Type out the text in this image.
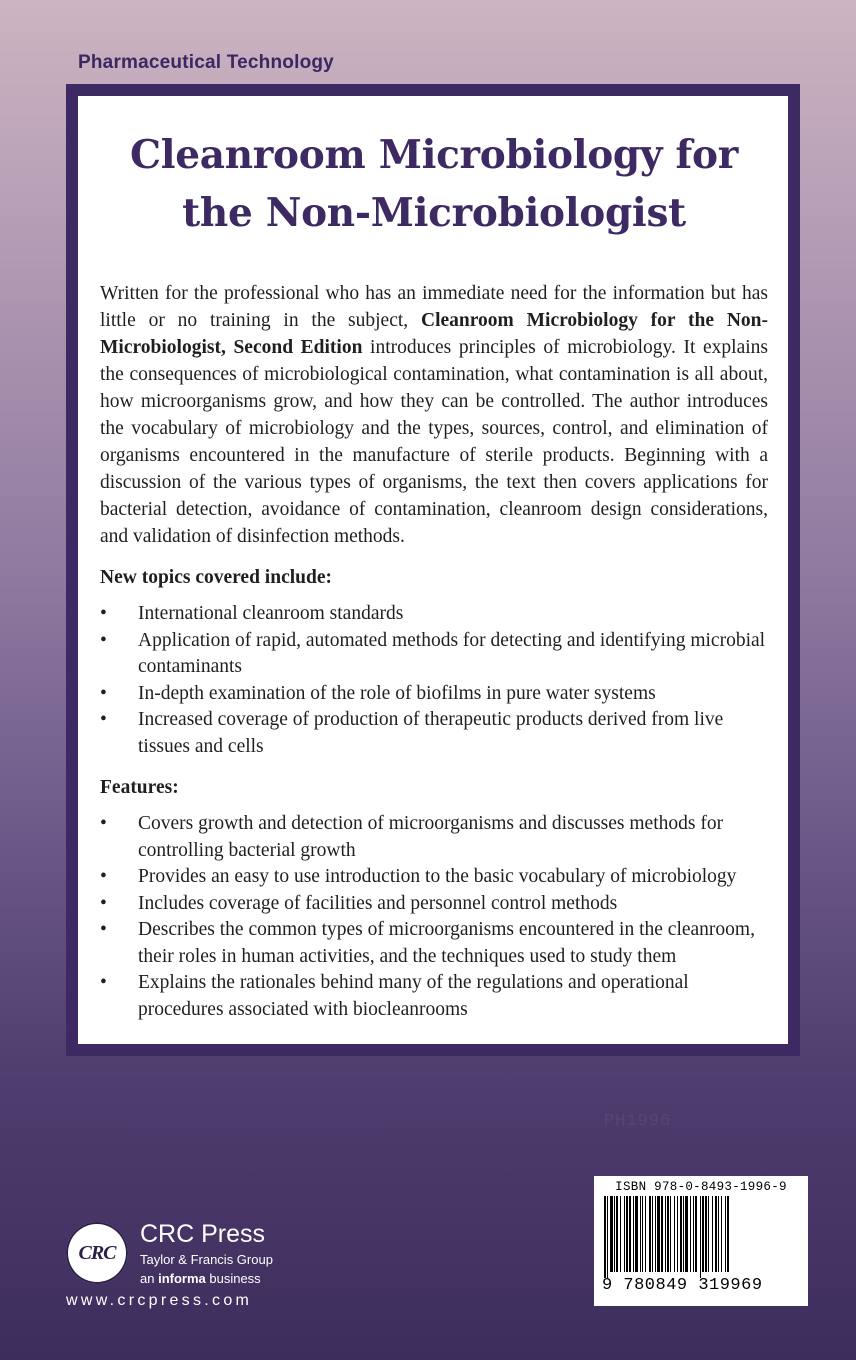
Pharmaceutical Technology
Cleanroom Microbiology for
the Non-Microbiologist

Written for the professional who has an immediate need for the information but has little or no training in the subject, Cleanroom Microbiology for the Non-Microbiologist, Second Edition introduces principles of microbiology. It explains the consequences of microbiological contamination, what contamination is all about, how microorganisms grow, and how they can be controlled. The author introduces the vocabulary of microbiology and the types, sources, control, and elimination of organisms encountered in the manufacture of sterile products. Beginning with a discussion of the various types of organisms, the text then covers applications for bacterial detection, avoidance of contamination, cleanroom design considerations, and validation of disinfection methods.

New topics covered include:
• International cleanroom standards
• Application of rapid, automated methods for detecting and identifying microbial contaminants
• In-depth examination of the role of biofilms in pure water systems
• Increased coverage of production of therapeutic products derived from live tissues and cells
Features:
• Covers growth and detection of microorganisms and discusses methods for controlling bacterial growth
• Provides an easy to use introduction to the basic vocabulary of microbiology
• Includes coverage of facilities and personnel control methods
• Describes the common types of microorganisms encountered in the cleanroom, their roles in human activities, and the techniques used to study them
• Explains the rationales behind many of the regulations and operational procedures associated with biocleanrooms
PH1996
CRC
CRC Press
Taylor & Francis Group
an informa business
www.crcpress.com
ISBN 978-0-8493-1996-9
9 780849 319969
